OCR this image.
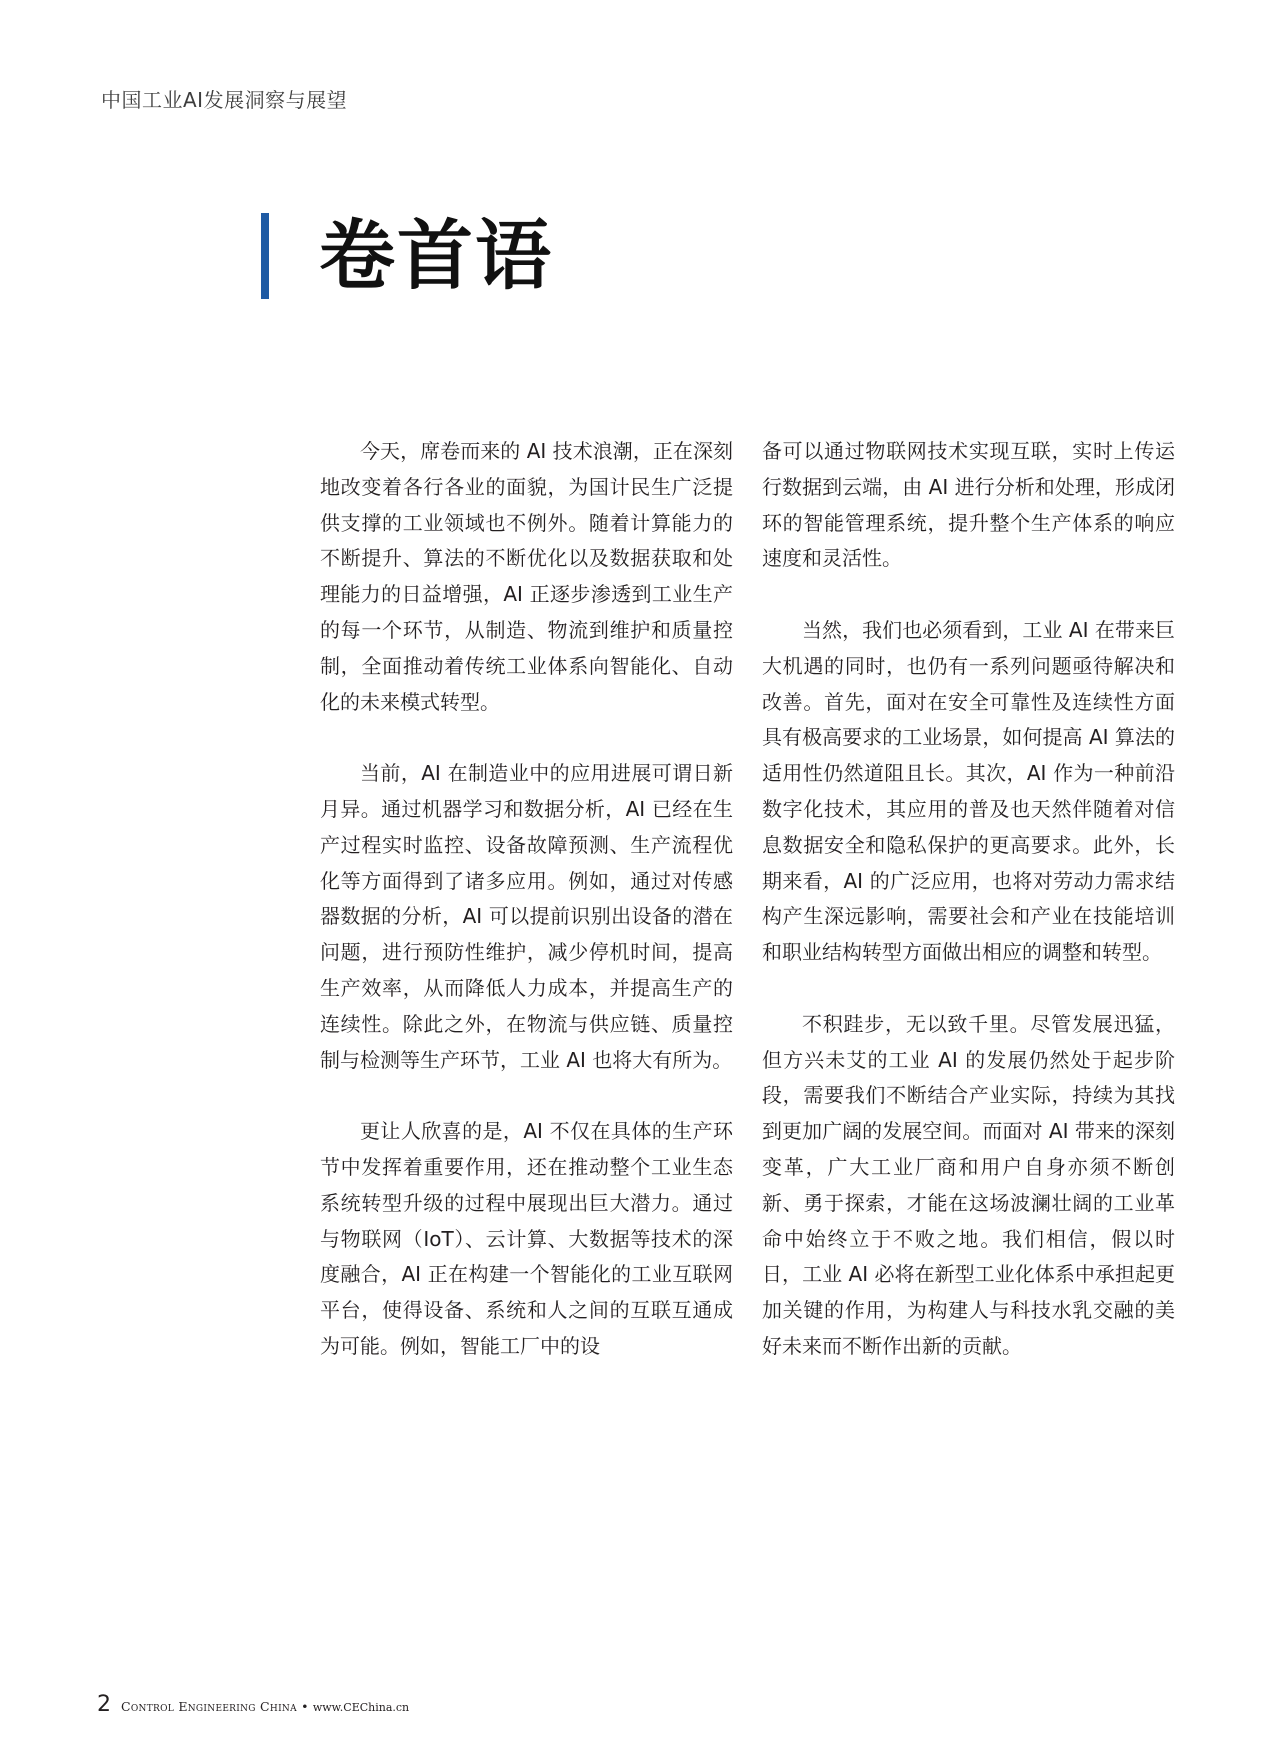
中国工业AI发展洞察与展望
卷首语

今天，席卷而来的 AI 技术浪潮，正在深刻地改变着各行各业的面貌，为国计民生广泛提供支撑的工业领域也不例外。随着计算能力的不断提升、算法的不断优化以及数据获取和处理能力的日益增强，AI 正逐步渗透到工业生产的每一个环节，从制造、物流到维护和质量控制，全面推动着传统工业体系向智能化、自动化的未来模式转型。

当前，AI 在制造业中的应用进展可谓日新月异。通过机器学习和数据分析，AI 已经在生产过程实时监控、设备故障预测、生产流程优化等方面得到了诸多应用。例如，通过对传感器数据的分析，AI 可以提前识别出设备的潜在问题，进行预防性维护，减少停机时间，提高生产效率，从而降低人力成本，并提高生产的连续性。除此之外，在物流与供应链、质量控制与检测等生产环节，工业 AI 也将大有所为。

更让人欣喜的是，AI 不仅在具体的生产环节中发挥着重要作用，还在推动整个工业生态系统转型升级的过程中展现出巨大潜力。通过与物联网（IoT）、云计算、大数据等技术的深度融合，AI 正在构建一个智能化的工业互联网平台，使得设备、系统和人之间的互联互通成为可能。例如，智能工厂中的设

备可以通过物联网技术实现互联，实时上传运行数据到云端，由 AI 进行分析和处理，形成闭环的智能管理系统，提升整个生产体系的响应速度和灵活性。

当然，我们也必须看到，工业 AI 在带来巨大机遇的同时，也仍有一系列问题亟待解决和改善。首先，面对在安全可靠性及连续性方面具有极高要求的工业场景，如何提高 AI 算法的适用性仍然道阻且长。其次，AI 作为一种前沿数字化技术，其应用的普及也天然伴随着对信息数据安全和隐私保护的更高要求。此外，长期来看，AI 的广泛应用，也将对劳动力需求结构产生深远影响，需要社会和产业在技能培训和职业结构转型方面做出相应的调整和转型。

不积跬步，无以致千里。尽管发展迅猛，但方兴未艾的工业 AI 的发展仍然处于起步阶段，需要我们不断结合产业实际，持续为其找到更加广阔的发展空间。而面对 AI 带来的深刻变革，广大工业厂商和用户自身亦须不断创新、勇于探索，才能在这场波澜壮阔的工业革命中始终立于不败之地。我们相信，假以时日，工业 AI 必将在新型工业化体系中承担起更加关键的作用，为构建人与科技水乳交融的美好未来而不断作出新的贡献。

2 Control Engineering China • www.CEChina.cn
